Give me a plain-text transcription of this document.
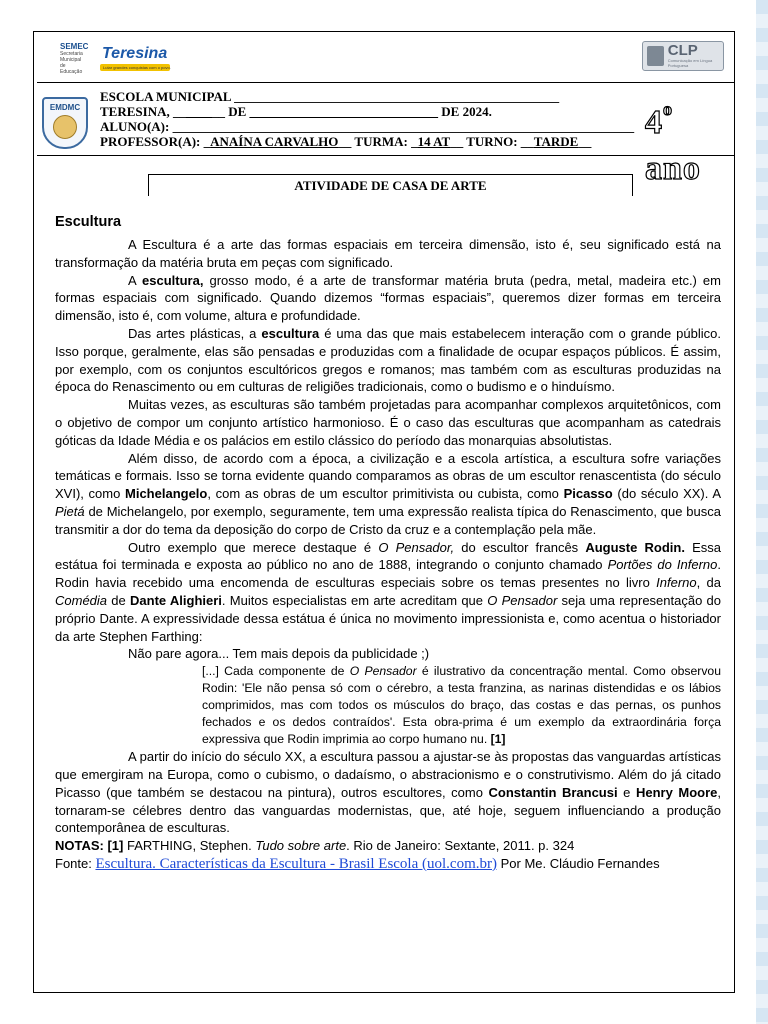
SEMEC
Secretaria Municipal de Educação
Teresina
Lutar grandes conquistas com o povo.
CLP
Comunicação em Língua Portuguesa
EMDMC
ESCOLA MUNICIPAL __________________________________________________
TERESINA, ________ DE _____________________________ DE 2024.
ALUNO(A): _______________________________________________________________________
PROFESSOR(A): _ANAÍNA CARVALHO__ TURMA: _14 AT__ TURNO: __TARDE__
4$^o$ ano
ATIVIDADE DE CASA DE ARTE
Escultura

A Escultura é a arte das formas espaciais em terceira dimensão, isto é, seu significado está na transformação da matéria bruta em peças com significado.

A escultura, grosso modo, é a arte de transformar matéria bruta (pedra, metal, madeira etc.) em formas espaciais com significado. Quando dizemos “formas espaciais”, queremos dizer formas em terceira dimensão, isto é, com volume, altura e profundidade.

Das artes plásticas, a escultura é uma das que mais estabelecem interação com o grande público. Isso porque, geralmente, elas são pensadas e produzidas com a finalidade de ocupar espaços públicos. É assim, por exemplo, com os conjuntos escultóricos gregos e romanos; mas também com as esculturas produzidas na época do Renascimento ou em culturas de religiões tradicionais, como o budismo e o hinduísmo.

Muitas vezes, as esculturas são também projetadas para acompanhar complexos arquitetônicos, com o objetivo de compor um conjunto artístico harmonioso. É o caso das esculturas que acompanham as catedrais góticas da Idade Média e os palácios em estilo clássico do período das monarquias absolutistas.

Além disso, de acordo com a época, a civilização e a escola artística, a escultura sofre variações temáticas e formais. Isso se torna evidente quando comparamos as obras de um escultor renascentista (do século XVI), como Michelangelo, com as obras de um escultor primitivista ou cubista, como Picasso (do século XX). A Pietá de Michelangelo, por exemplo, seguramente, tem uma expressão realista típica do Renascimento, que busca transmitir a dor do tema da deposição do corpo de Cristo da cruz e a contemplação pela mãe.

Outro exemplo que merece destaque é O Pensador, do escultor francês Auguste Rodin. Essa estátua foi terminada e exposta ao público no ano de 1888, integrando o conjunto chamado Portões do Inferno. Rodin havia recebido uma encomenda de esculturas especiais sobre os temas presentes no livro Inferno, da Comédia de Dante Alighieri. Muitos especialistas em arte acreditam que O Pensador seja uma representação do próprio Dante. A expressividade dessa estátua é única no movimento impressionista e, como acentua o historiador da arte Stephen Farthing:

Não pare agora... Tem mais depois da publicidade ;)

[...] Cada componente de O Pensador é ilustrativo da concentração mental. Como observou Rodin: 'Ele não pensa só com o cérebro, a testa franzina, as narinas distendidas e os lábios comprimidos, mas com todos os músculos do braço, das costas e das pernas, os punhos fechados e os dedos contraídos'. Esta obra-prima é um exemplo da extraordinária força expressiva que Rodin imprimia ao corpo humano nu. [1]

A partir do início do século XX, a escultura passou a ajustar-se às propostas das vanguardas artísticas que emergiram na Europa, como o cubismo, o dadaísmo, o abstracionismo e o construtivismo. Além do já citado Picasso (que também se destacou na pintura), outros escultores, como Constantin Brancusi e Henry Moore, tornaram-se célebres dentro das vanguardas modernistas, que, até hoje, seguem influenciando a produção contemporânea de esculturas.

NOTAS: [1] FARTHING, Stephen. Tudo sobre arte. Rio de Janeiro: Sextante, 2011. p. 324

Fonte: Escultura. Características da Escultura - Brasil Escola (uol.com.br) Por Me. Cláudio Fernandes
